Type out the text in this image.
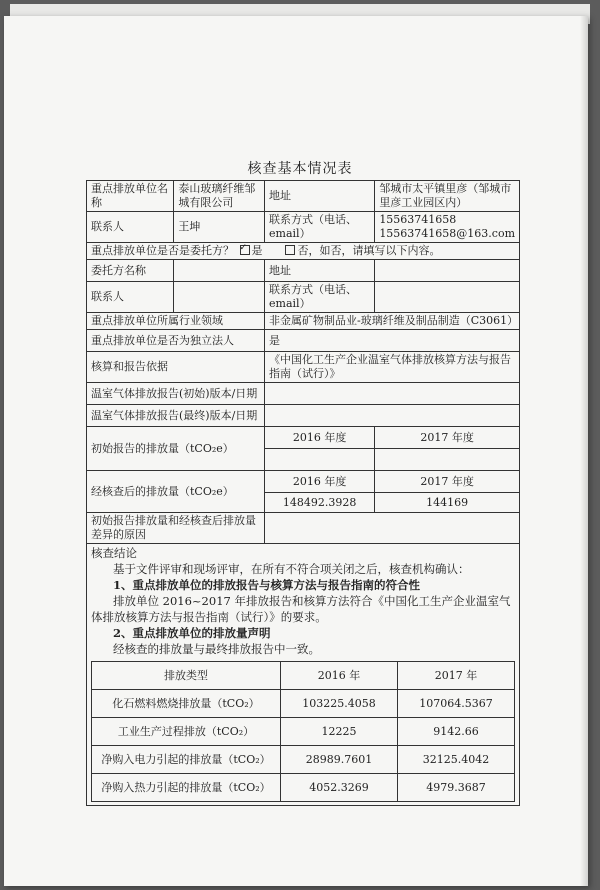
核查基本情况表
重点排放单位名称	泰山玻璃纤维邹城有限公司	地址	邹城市太平镇里彦（邹城市里彦工业园区内）
联系人	王坤	联系方式（电话、email）	15563741658 15563741658@163.com
重点排放单位是否是委托方？ ✓ 是	否，如否，请填写以下内容。
委托方名称		地址	
联系人		联系方式（电话、email）	
重点排放单位所属行业领域	非金属矿物制品业-玻璃纤维及制品制造（C3061）
重点排放单位是否为独立法人	是
核算和报告依据	《中国化工生产企业温室气体排放核算方法与报告指南（试行）》
温室气体排放报告(初始)版本/日期	
温室气体排放报告(最终)版本/日期	
初始报告的排放量（tCO₂e）	2016 年度	2017 年度

经核查后的排放量（tCO₂e）	2016 年度	2017 年度
148492.3928	144169
初始报告排放量和经核查后排放量差异的原因	

核查结论

基于文件评审和现场评审，在所有不符合项关闭之后，核查机构确认：

1、重点排放单位的排放报告与核算方法与报告指南的符合性

排放单位 2016~2017 年排放报告和核算方法符合《中国化工生产企业温室气体排放核算方法与报告指南（试行）》的要求。

2、重点排放单位的排放量声明

经核查的排放量与最终排放报告中一致。

排放类型	2016 年	2017 年
化石燃料燃烧排放量（tCO₂）	103225.4058	107064.5367
工业生产过程排放（tCO₂）	12225	9142.66
净购入电力引起的排放量（tCO₂）	28989.7601	32125.4042
净购入热力引起的排放量（tCO₂）	4052.3269	4979.3687
